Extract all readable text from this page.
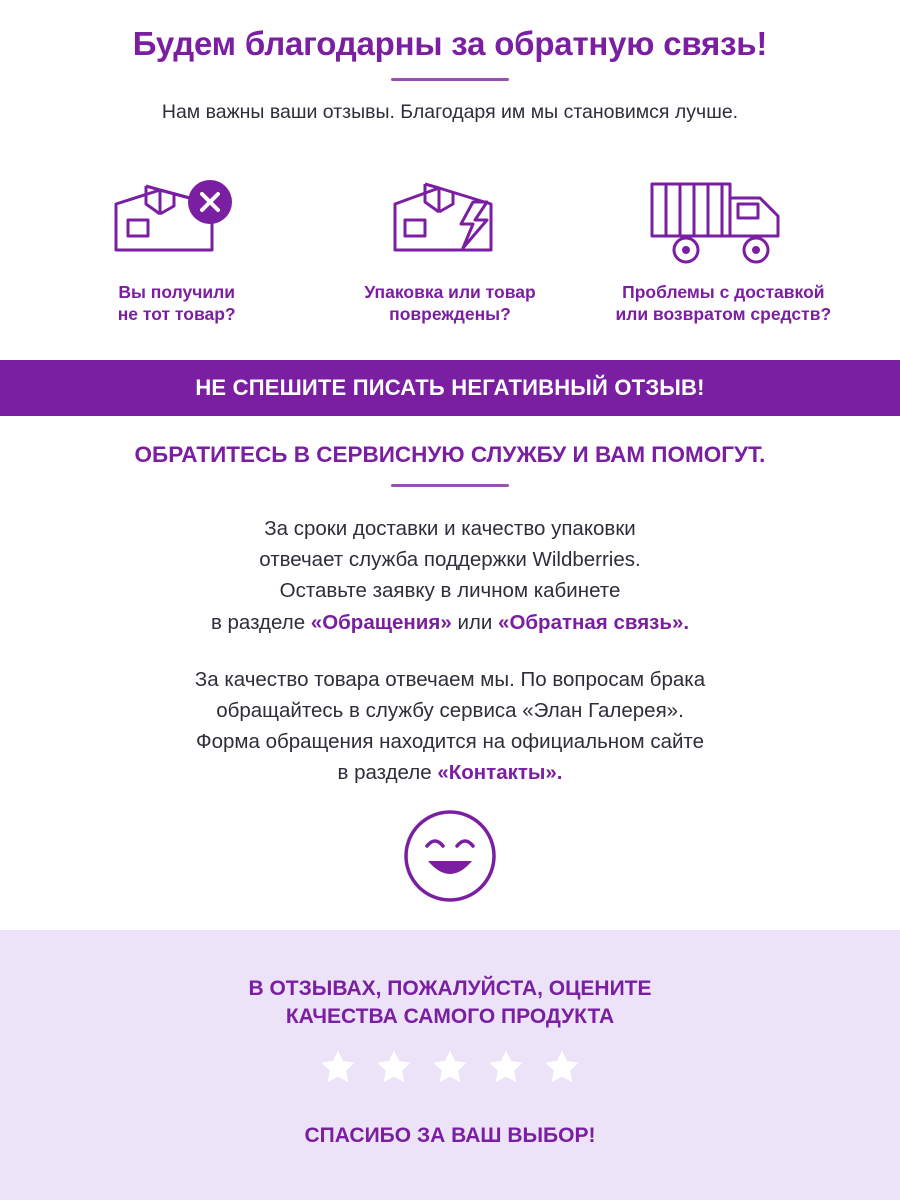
Будем благодарны за обратную связь!
Нам важны ваши отзывы. Благодаря им мы становимся лучше.
Вы получили
не тот товар?
Упаковка или товар
повреждены?
Проблемы с доставкой
или возвратом средств?
НЕ СПЕШИТЕ ПИСАТЬ НЕГАТИВНЫЙ ОТЗЫВ!
ОБРАТИТЕСЬ В СЕРВИСНУЮ СЛУЖБУ И ВАМ ПОМОГУТ.
За сроки доставки и качество упаковки
отвечает служба поддержки Wildberries.
Оставьте заявку в личном кабинете
в разделе «Обращения» или «Обратная связь».
За качество товара отвечаем мы. По вопросам брака
обращайтесь в службу сервиса «Элан Галерея».
Форма обращения находится на официальном сайте
в разделе «Контакты».
В ОТЗЫВАХ, ПОЖАЛУЙСТА, ОЦЕНИТЕ
КАЧЕСТВА САМОГО ПРОДУКТА
СПАСИБО ЗА ВАШ ВЫБОР!
